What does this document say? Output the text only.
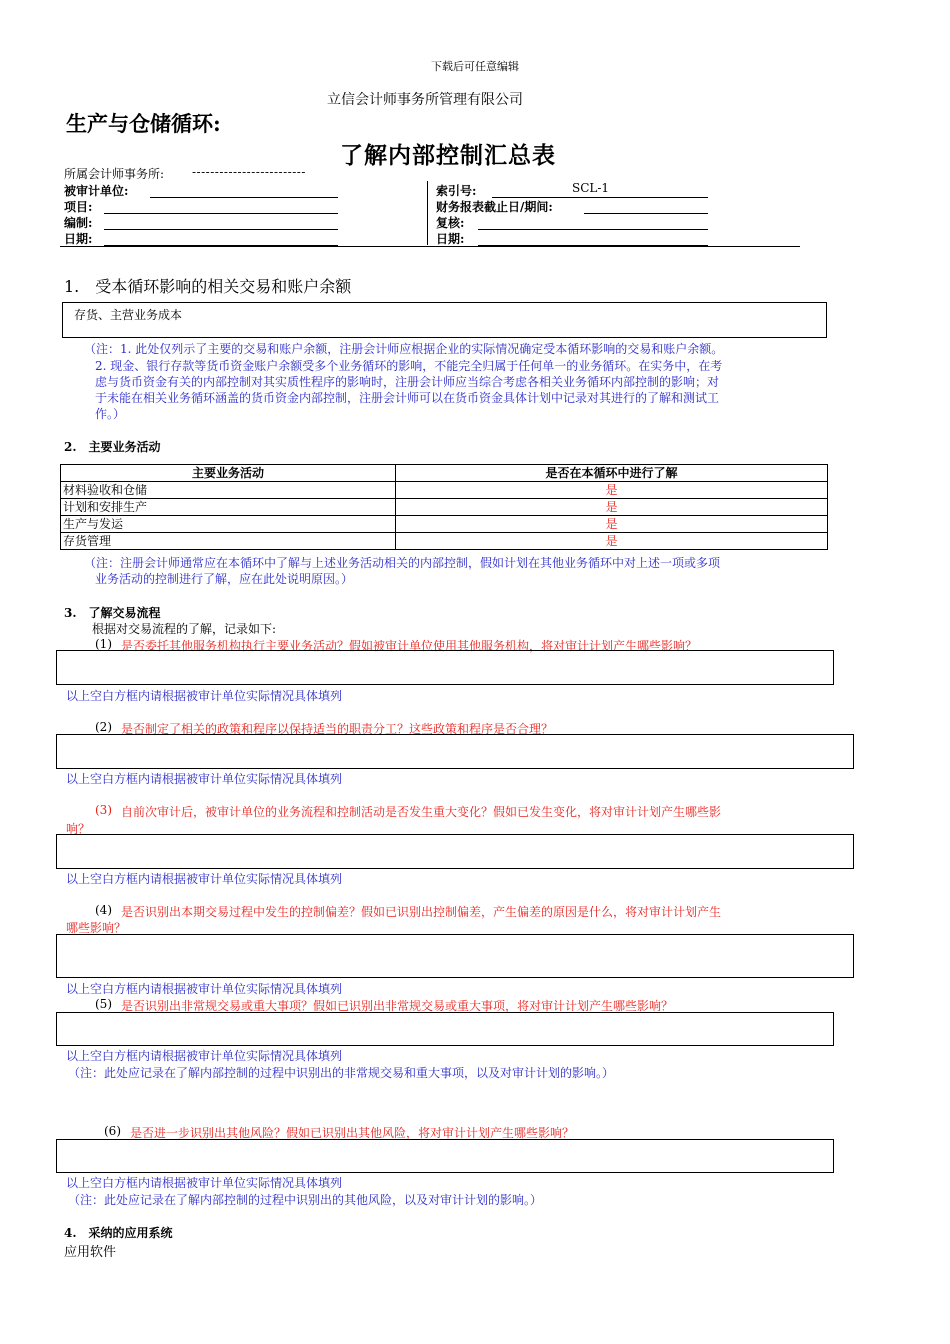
下载后可任意编辑
立信会计师事务所管理有限公司
生产与仓储循环:
了解内部控制汇总表
所属会计师事务所: -------------------------
被审计单位:
项目:
编制:
日期:
索引号:	SCL-1
财务报表截止日/期间:
复核:
日期:
1.　受本循环影响的相关交易和账户余额
存货、主营业务成本
（注：1. 此处仅列示了主要的交易和账户余额，注册会计师应根据企业的实际情况确定受本循环影响的交易和账户余额。
2. 现金、银行存款等货币资金账户余额受多个业务循环的影响，不能完全归属于任何单一的业务循环。在实务中，在考
虑与货币资金有关的内部控制对其实质性程序的影响时，注册会计师应当综合考虑各相关业务循环内部控制的影响；对
于未能在相关业务循环涵盖的货币资金内部控制，注册会计师可以在货币资金具体计划中记录对其进行的了解和测试工
作。）
2.　主要业务活动
主要业务活动	是否在本循环中进行了解
材料验收和仓储	是
计划和安排生产	是
生产与发运	是
存货管理	是
（注：注册会计师通常应在本循环中了解与上述业务活动相关的内部控制，假如计划在其他业务循环中对上述一项或多项
业务活动的控制进行了解，应在此处说明原因。）
3.　了解交易流程
根据对交易流程的了解，记录如下:
(1) 是否委托其他服务机构执行主要业务活动？假如被审计单位使用其他服务机构，将对审计计划产生哪些影响？
以上空白方框内请根据被审计单位实际情况具体填列
(2) 是否制定了相关的政策和程序以保持适当的职责分工？这些政策和程序是否合理？
以上空白方框内请根据被审计单位实际情况具体填列
(3) 自前次审计后，被审计单位的业务流程和控制活动是否发生重大变化？假如已发生变化，将对审计计划产生哪些影
响？
以上空白方框内请根据被审计单位实际情况具体填列
(4) 是否识别出本期交易过程中发生的控制偏差？假如已识别出控制偏差，产生偏差的原因是什么，将对审计计划产生
哪些影响？
以上空白方框内请根据被审计单位实际情况具体填列
(5) 是否识别出非常规交易或重大事项？假如已识别出非常规交易或重大事项，将对审计计划产生哪些影响？
以上空白方框内请根据被审计单位实际情况具体填列
（注：此处应记录在了解内部控制的过程中识别出的非常规交易和重大事项，以及对审计计划的影响。）
(6) 是否进一步识别出其他风险？假如已识别出其他风险，将对审计计划产生哪些影响？
以上空白方框内请根据被审计单位实际情况具体填列
（注：此处应记录在了解内部控制的过程中识别出的其他风险，以及对审计计划的影响。）
4.　采纳的应用系统
应用软件
